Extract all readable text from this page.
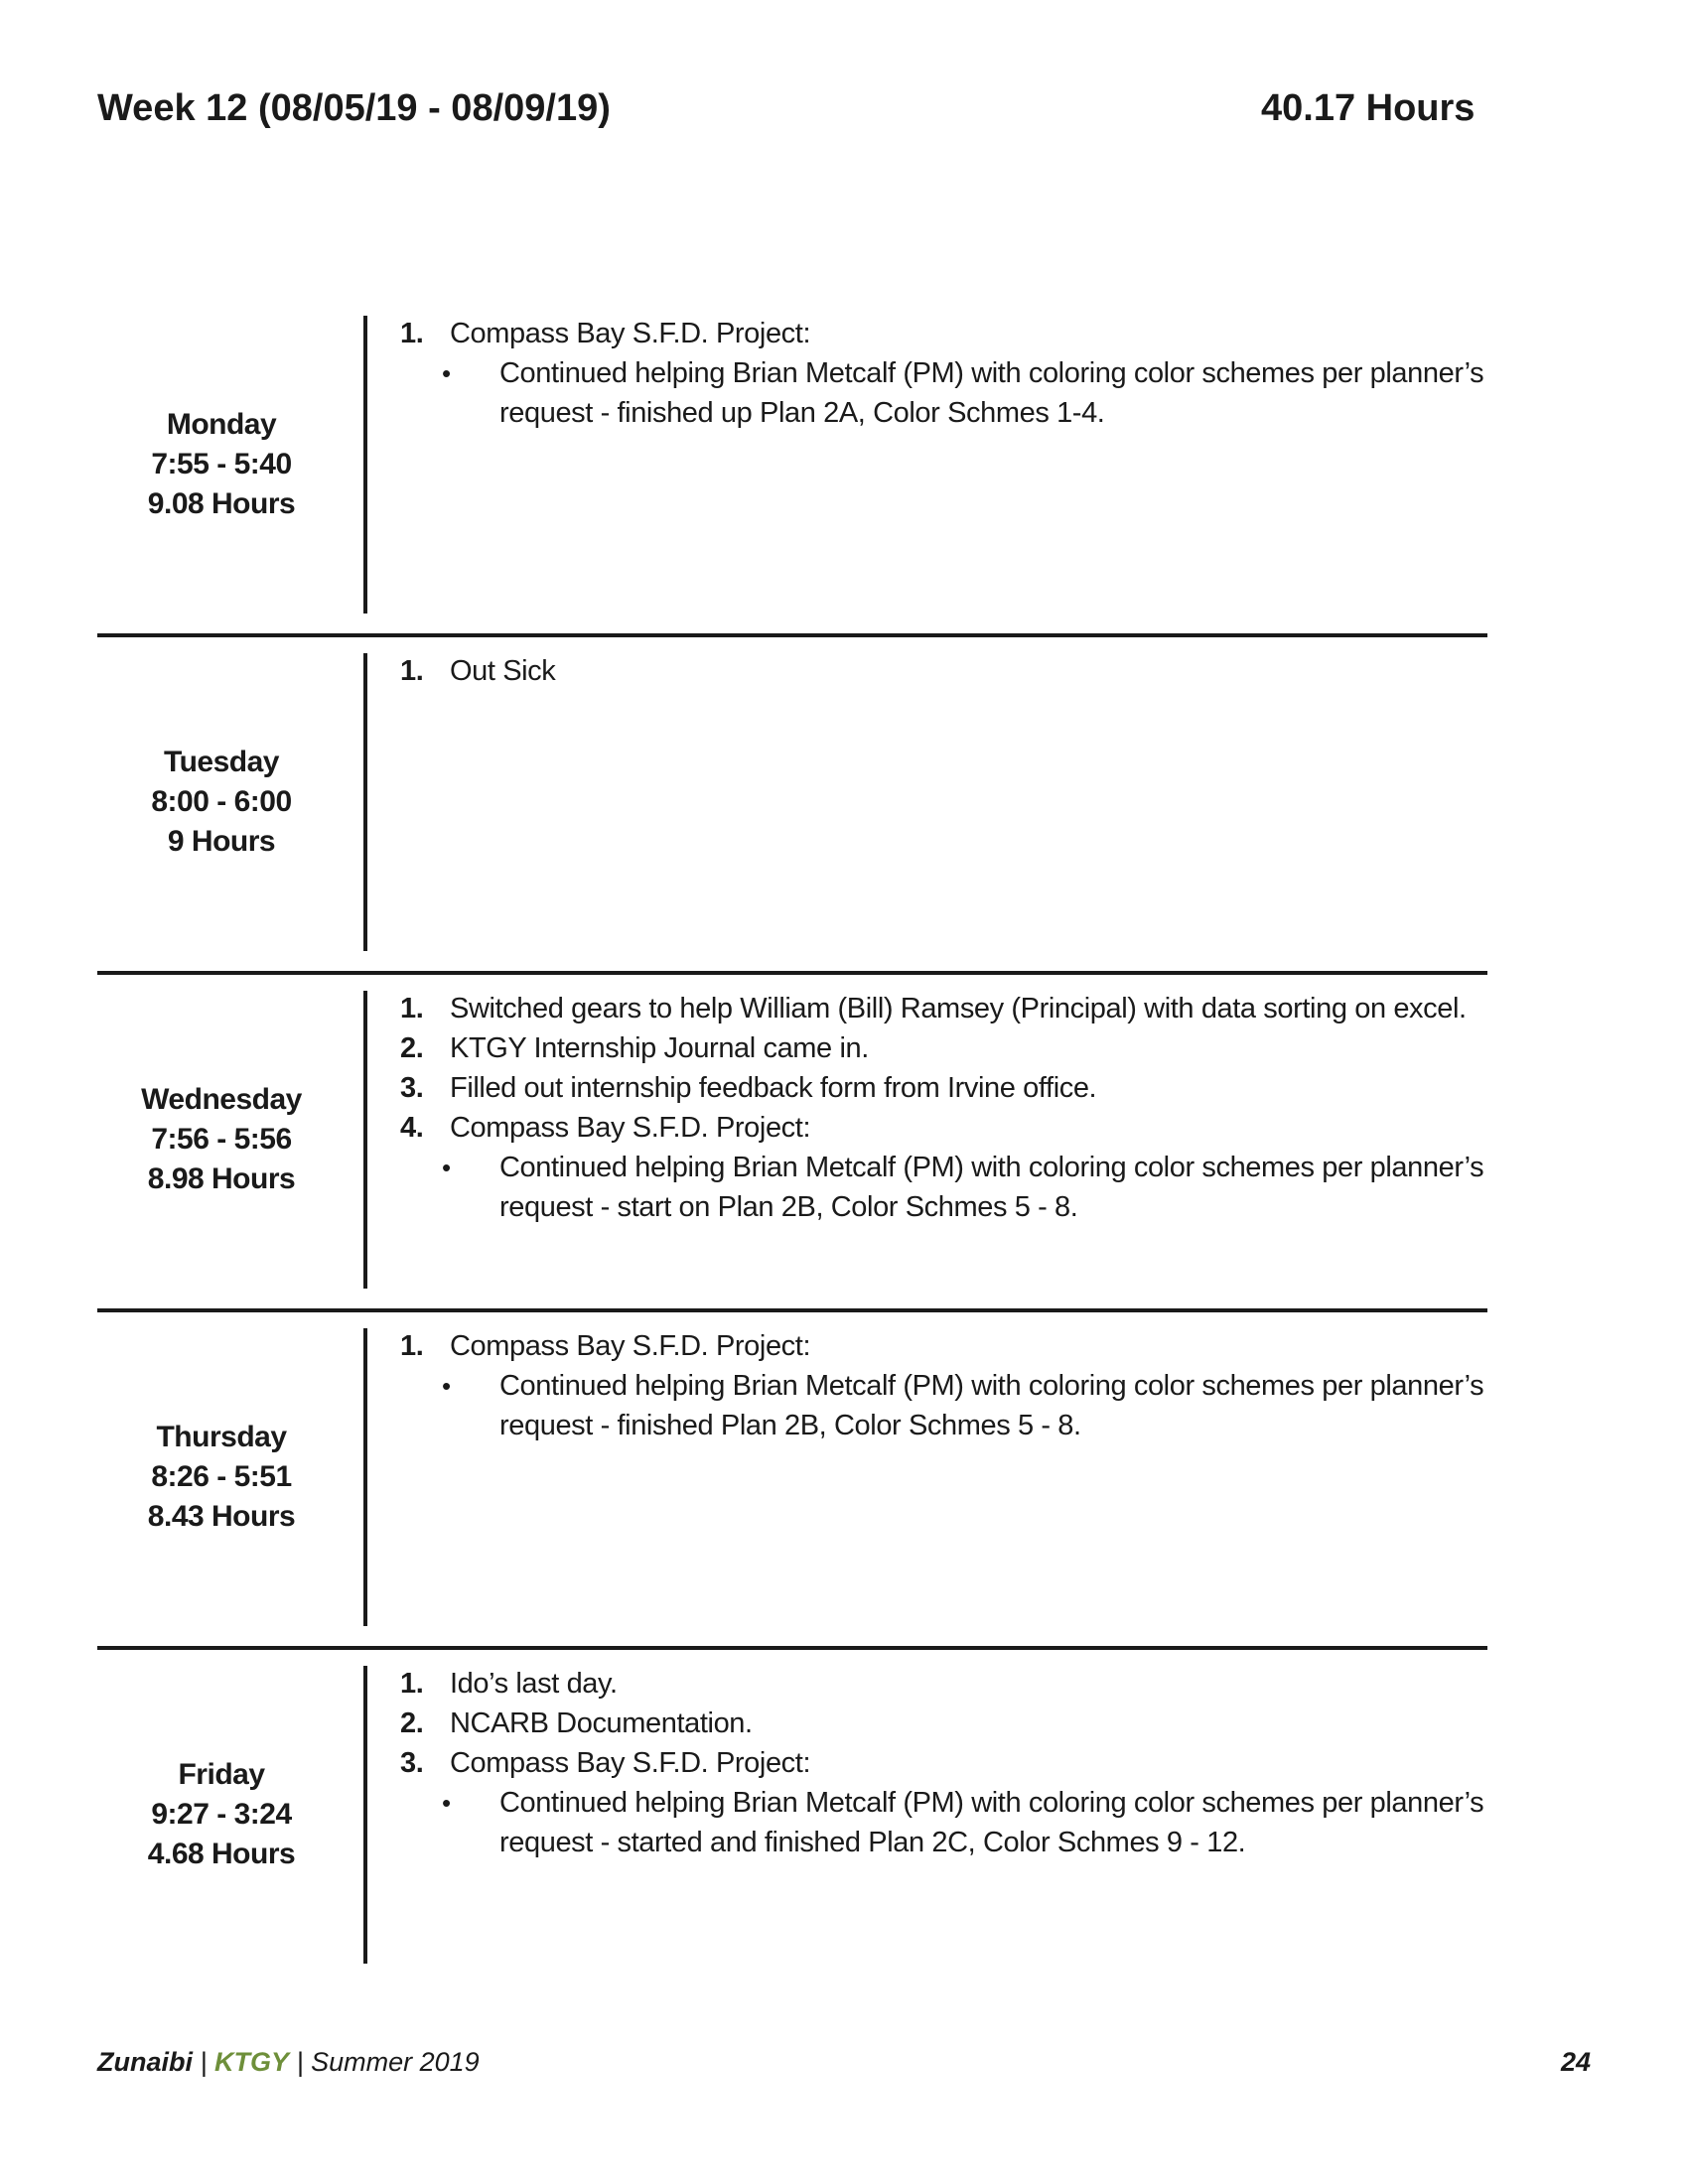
Week 12 (08/05/19 - 08/09/19)	40.17 Hours
Monday
7:55 - 5:40
9.08 Hours
1. Compass Bay S.F.D. Project:
• Continued helping Brian Metcalf (PM) with coloring color schemes per planner’s request - finished up Plan 2A, Color Schmes 1-4.
Tuesday
8:00 - 6:00
9 Hours
1. Out Sick
Wednesday
7:56 - 5:56
8.98 Hours
1. Switched gears to help William (Bill) Ramsey (Principal) with data sorting on excel.
2. KTGY Internship Journal came in.
3. Filled out internship feedback form from Irvine office.
4. Compass Bay S.F.D. Project:
• Continued helping Brian Metcalf (PM) with coloring color schemes per planner’s request - start on Plan 2B, Color Schmes 5 - 8.
Thursday
8:26 - 5:51
8.43 Hours
1. Compass Bay S.F.D. Project:
• Continued helping Brian Metcalf (PM) with coloring color schemes per planner’s request - finished Plan 2B, Color Schmes 5 - 8.
Friday
9:27 - 3:24
4.68 Hours
1. Ido’s last day.
2. NCARB Documentation.
3. Compass Bay S.F.D. Project:
• Continued helping Brian Metcalf (PM) with coloring color schemes per planner’s request - started and finished Plan 2C, Color Schmes 9 - 12.
Zunaibi | KTGY | Summer 2019	24
